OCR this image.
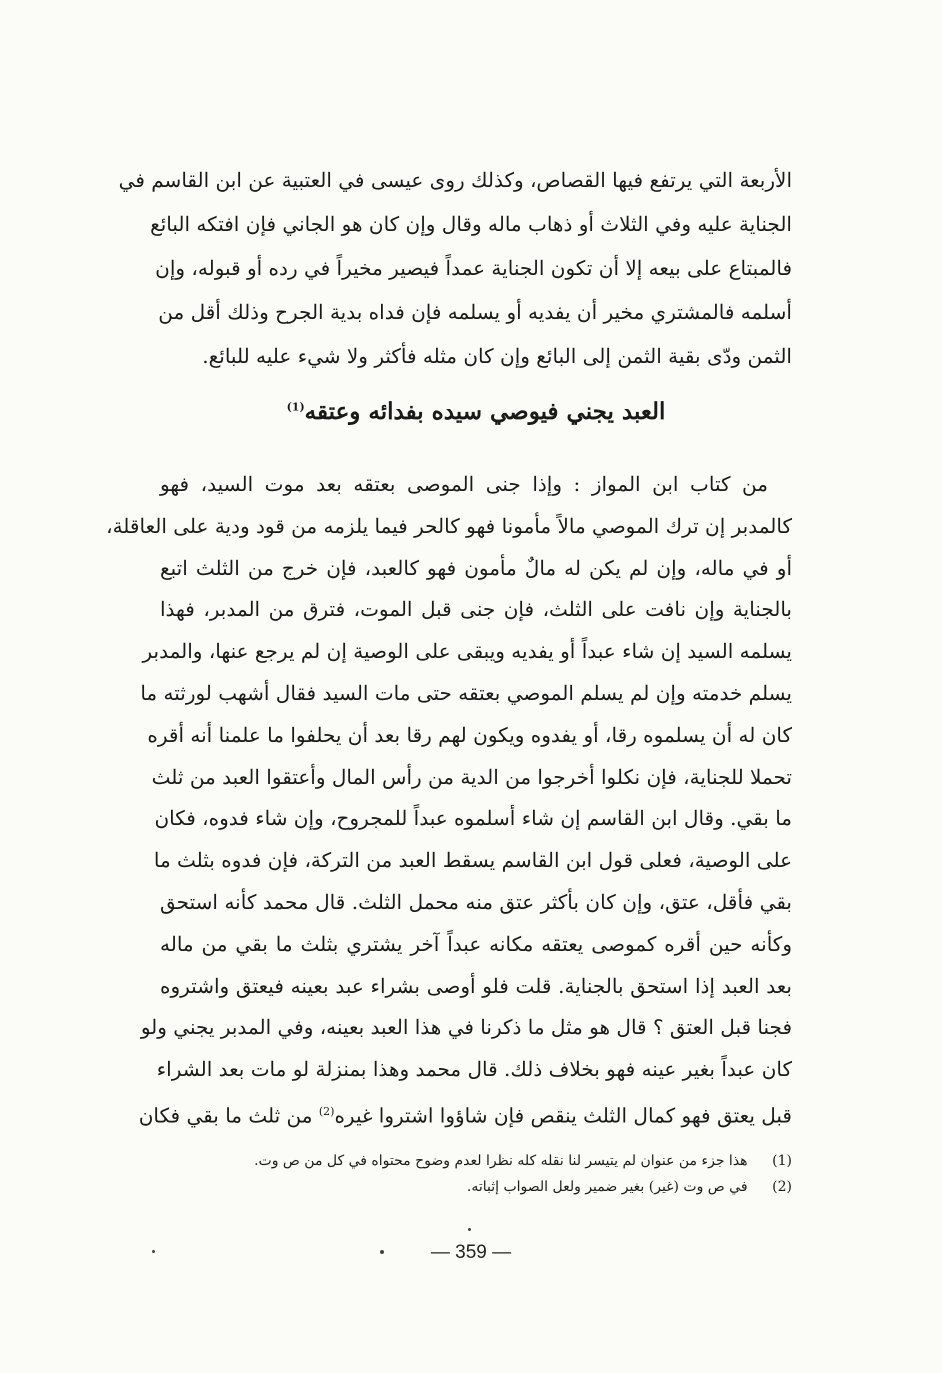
الأربعة التي يرتفع فيها القصاص، وكذلك روى عيسى في العتبية عن ابن القاسم في
الجناية عليه وفي الثلاث أو ذهاب ماله وقال وإن كان هو الجاني فإن افتكه البائع
فالمبتاع على بيعه إلا أن تكون الجناية عمداً فيصير مخيراً في رده أو قبوله، وإن
أسلمه فالمشتري مخير أن يفديه أو يسلمه فإن فداه بدية الجرح وذلك أقل من
الثمن ودّى بقية الثمن إلى البائع وإن كان مثله فأكثر ولا شيء عليه للبائع.
العبد يجني فيوصي سيده بفدائه وعتقه$^{(1)}$
من كتاب ابن المواز : وإذا جنى الموصى بعتقه بعد موت السيد، فهو
كالمدبر إن ترك الموصي مالاً مأمونا فهو كالحر فيما يلزمه من قود ودية على العاقلة،
أو في ماله، وإن لم يكن له مالٌ مأمون فهو كالعبد، فإن خرج من الثلث اتبع
بالجناية وإن نافت على الثلث، فإن جنى قبل الموت، فترق من المدبر، فهذا
يسلمه السيد إن شاء عبداً أو يفديه ويبقى على الوصية إن لم يرجع عنها، والمدبر
يسلم خدمته وإن لم يسلم الموصي بعتقه حتى مات السيد فقال أشهب لورثته ما
كان له أن يسلموه رقا، أو يفدوه ويكون لهم رقا بعد أن يحلفوا ما علمنا أنه أقره
تحملا للجناية، فإن نكلوا أخرجوا من الدية من رأس المال وأعتقوا العبد من ثلث
ما بقي. وقال ابن القاسم إن شاء أسلموه عبداً للمجروح، وإن شاء فدوه، فكان
على الوصية، فعلى قول ابن القاسم يسقط العبد من التركة، فإن فدوه بثلث ما
بقي فأقل، عتق، وإن كان بأكثر عتق منه محمل الثلث. قال محمد كأنه استحق
وكأنه حين أقره كموصى يعتقه مكانه عبداً آخر يشتري بثلث ما بقي من ماله
بعد العبد إذا استحق بالجناية. قلت فلو أوصى بشراء عبد بعينه فيعتق واشتروه
فجنا قبل العتق ؟ قال هو مثل ما ذكرنا في هذا العبد بعينه، وفي المدبر يجني ولو
كان عبداً بغير عينه فهو بخلاف ذلك. قال محمد وهذا بمنزلة لو مات بعد الشراء
قبل يعتق فهو كمال الثلث ينقص فإن شاؤوا اشتروا غيره$^{(2)}$ من ثلث ما بقي فكان
(1) هذا جزء من عنوان لم يتيسر لنا نقله كله نظرا لعدم وضوح محتواه في كل من ص وت.
(2) في ص وت (غير) بغير ضمير ولعل الصواب إثباته.
— 359 —
